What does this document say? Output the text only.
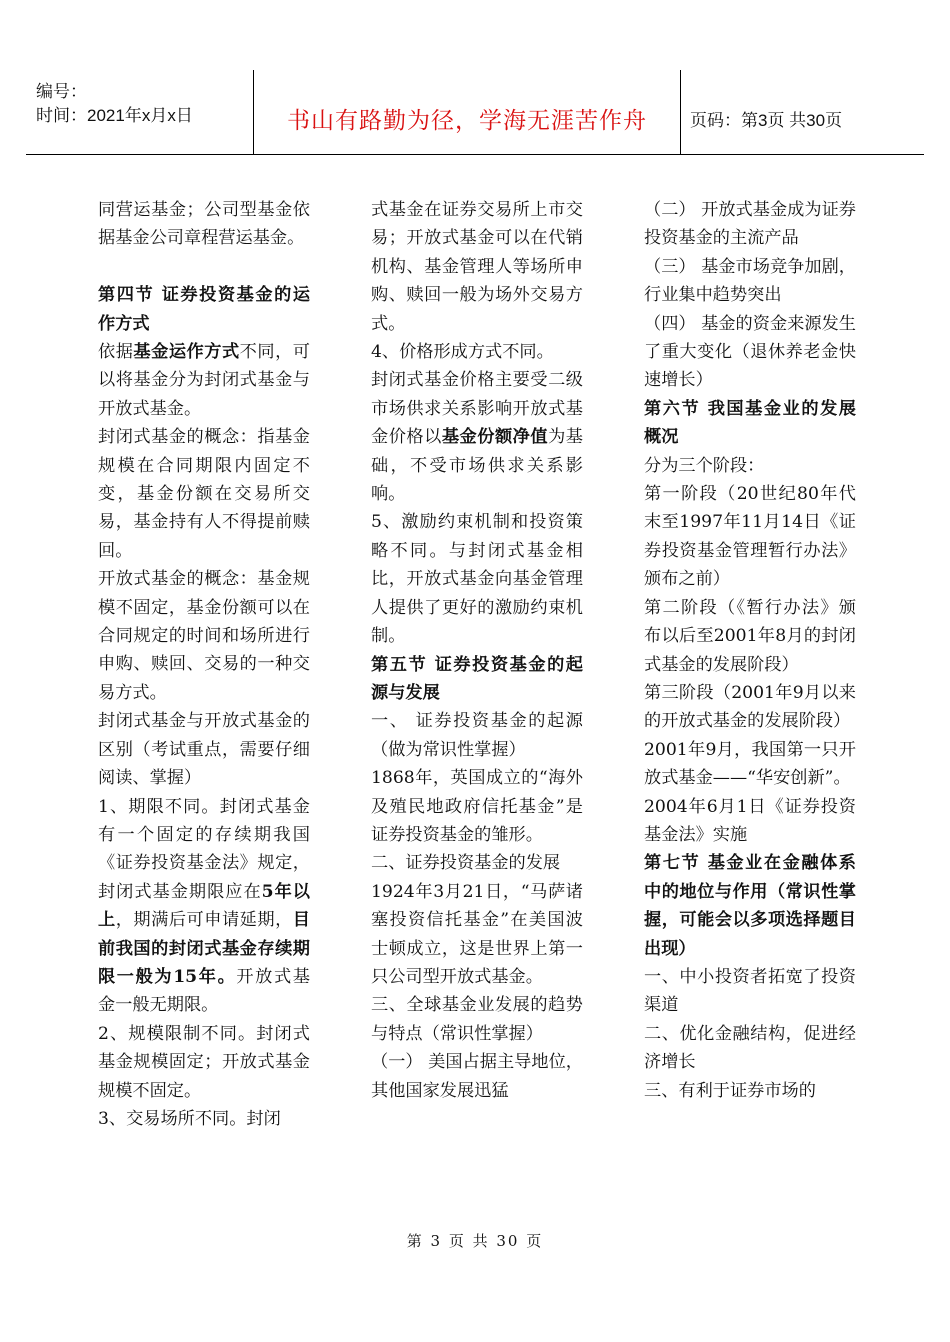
编号：
时间：2021年x月x日	书山有路勤为径，学海无涯苦作舟	页码：第3页 共30页

同营运基金；公司型基金依据基金公司章程营运基金。

第四节 证券投资基金的运作方式

依据基金运作方式不同，可以将基金分为封闭式基金与开放式基金。

封闭式基金的概念：指基金规模在合同期限内固定不变，基金份额在交易所交易，基金持有人不得提前赎回。

开放式基金的概念：基金规模不固定，基金份额可以在合同规定的时间和场所进行申购、赎回、交易的一种交易方式。

封闭式基金与开放式基金的区别（考试重点，需要仔细阅读、掌握）

1、期限不同。封闭式基金有一个固定的存续期我国《证券投资基金法》规定，封闭式基金期限应在5年以上，期满后可申请延期，目前我国的封闭式基金存续期限一般为15年。开放式基金一般无期限。

2、规模限制不同。封闭式基金规模固定；开放式基金规模不固定。

3、交易场所不同。封闭

式基金在证券交易所上市交易；开放式基金可以在代销机构、基金管理人等场所申购、赎回一般为场外交易方式。

4、价格形成方式不同。

封闭式基金价格主要受二级市场供求关系影响开放式基金价格以基金份额净值为基础，不受市场供求关系影响。

5、激励约束机制和投资策略不同。与封闭式基金相比，开放式基金向基金管理人提供了更好的激励约束机制。

第五节 证券投资基金的起源与发展

一、 证券投资基金的起源（做为常识性掌握）

1868年，英国成立的“海外及殖民地政府信托基金”是证券投资基金的雏形。

二、证券投资基金的发展

1924年3月21日，“马萨诸塞投资信托基金”在美国波士顿成立，这是世界上第一只公司型开放式基金。

三、全球基金业发展的趋势与特点（常识性掌握）

（一） 美国占据主导地位，其他国家发展迅猛

（二） 开放式基金成为证券投资基金的主流产品

（三） 基金市场竞争加剧，行业集中趋势突出

（四） 基金的资金来源发生了重大变化（退休养老金快速增长）

第六节 我国基金业的发展概况

分为三个阶段：

第一阶段（20世纪80年代末至1997年11月14日《证券投资基金管理暂行办法》颁布之前）

第二阶段（《暂行办法》颁布以后至2001年8月的封闭式基金的发展阶段）

第三阶段（2001年9月以来的开放式基金的发展阶段）

2001年9月，我国第一只开放式基金——“华安创新”。

2004年6月1日《证券投资基金法》实施

第七节 基金业在金融体系中的地位与作用（常识性掌握，可能会以多项选择题目出现）

一、中小投资者拓宽了投资渠道

二、优化金融结构，促进经济增长

三、有利于证券市场的

第 3 页 共 30 页
